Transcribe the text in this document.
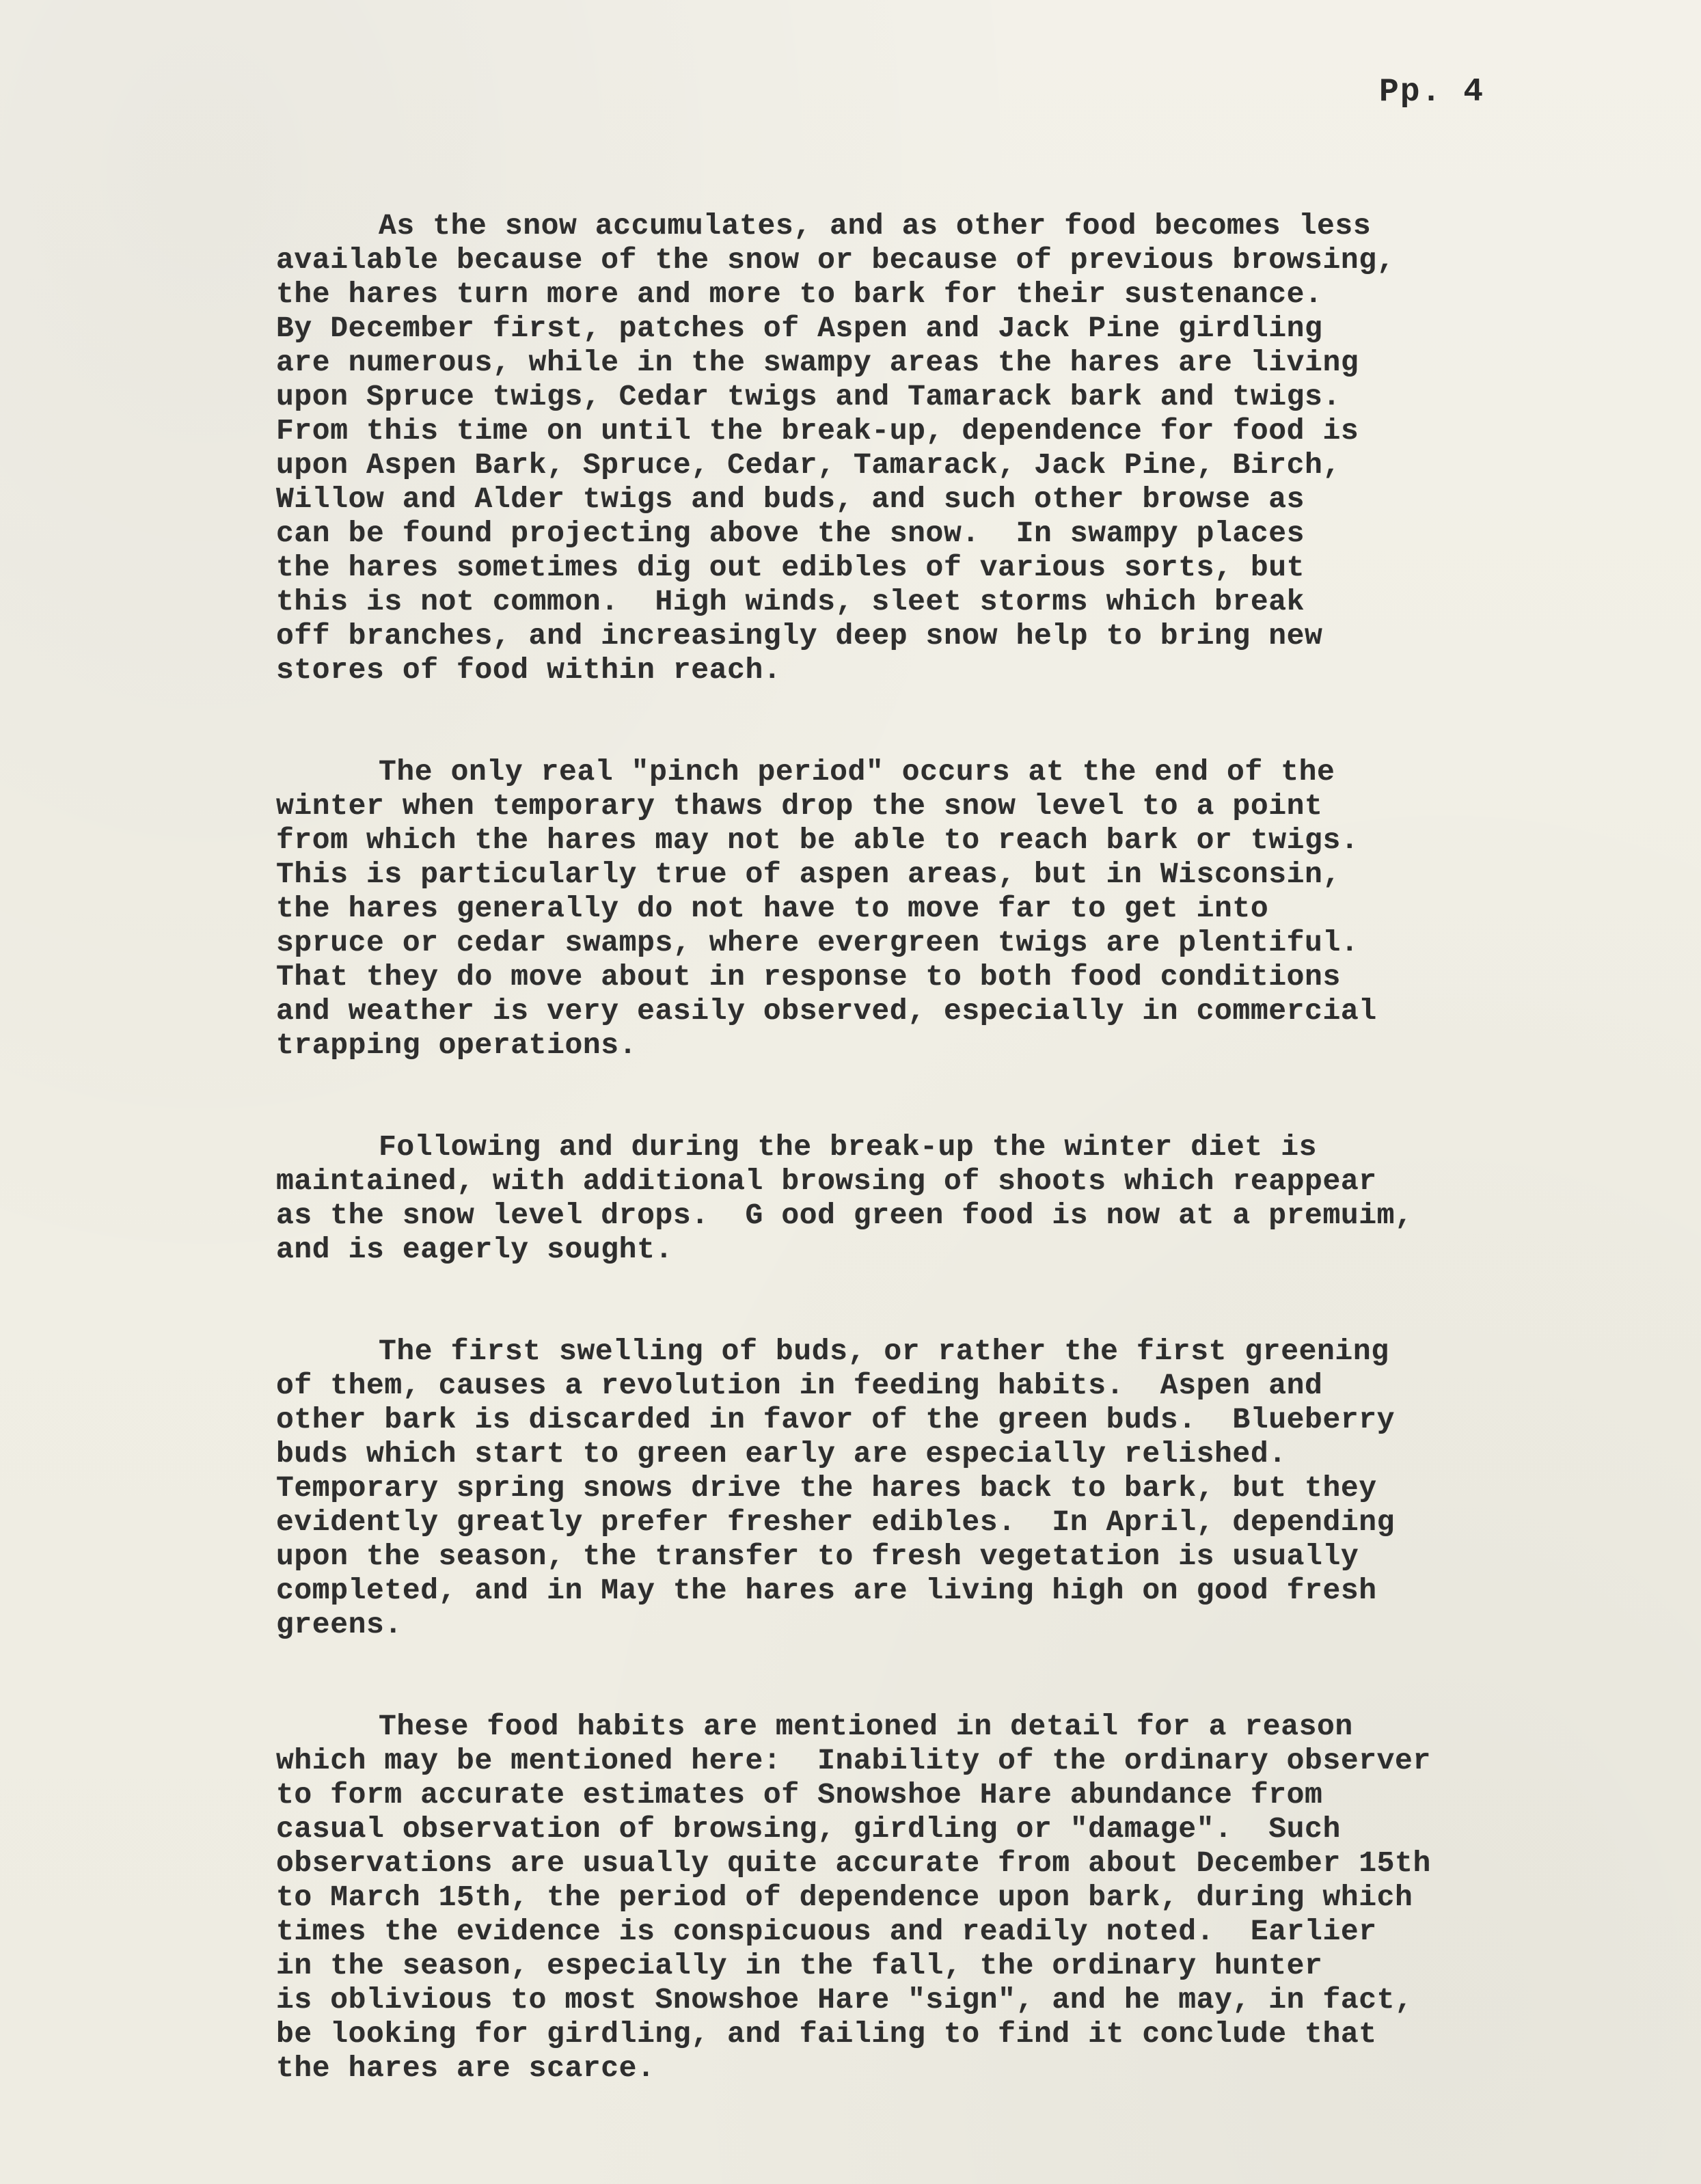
Pp. 4
As the snow accumulates, and as other food becomes less
available because of the snow or because of previous browsing,
the hares turn more and more to bark for their sustenance.
By December first, patches of Aspen and Jack Pine girdling
are numerous, while in the swampy areas the hares are living
upon Spruce twigs, Cedar twigs and Tamarack bark and twigs.
From this time on until the break-up, dependence for food is
upon Aspen Bark, Spruce, Cedar, Tamarack, Jack Pine, Birch,
Willow and Alder twigs and buds, and such other browse as
can be found projecting above the snow.  In swampy places
the hares sometimes dig out edibles of various sorts, but
this is not common.  High winds, sleet storms which break
off branches, and increasingly deep snow help to bring new
stores of food within reach.
The only real "pinch period" occurs at the end of the
winter when temporary thaws drop the snow level to a point
from which the hares may not be able to reach bark or twigs.
This is particularly true of aspen areas, but in Wisconsin,
the hares generally do not have to move far to get into
spruce or cedar swamps, where evergreen twigs are plentiful.
That they do move about in response to both food conditions
and weather is very easily observed, especially in commercial
trapping operations.
Following and during the break-up the winter diet is
maintained, with additional browsing of shoots which reappear
as the snow level drops.  G ood green food is now at a premuim,
and is eagerly sought.
The first swelling of buds, or rather the first greening
of them, causes a revolution in feeding habits.  Aspen and
other bark is discarded in favor of the green buds.  Blueberry
buds which start to green early are especially relished.
Temporary spring snows drive the hares back to bark, but they
evidently greatly prefer fresher edibles.  In April, depending
upon the season, the transfer to fresh vegetation is usually
completed, and in May the hares are living high on good fresh
greens.
These food habits are mentioned in detail for a reason
which may be mentioned here:  Inability of the ordinary observer
to form accurate estimates of Snowshoe Hare abundance from
casual observation of browsing, girdling or "damage".  Such
observations are usually quite accurate from about December 15th
to March 15th, the period of dependence upon bark, during which
times the evidence is conspicuous and readily noted.  Earlier
in the season, especially in the fall, the ordinary hunter
is oblivious to most Snowshoe Hare "sign", and he may, in fact,
be looking for girdling, and failing to find it conclude that
the hares are scarce.
